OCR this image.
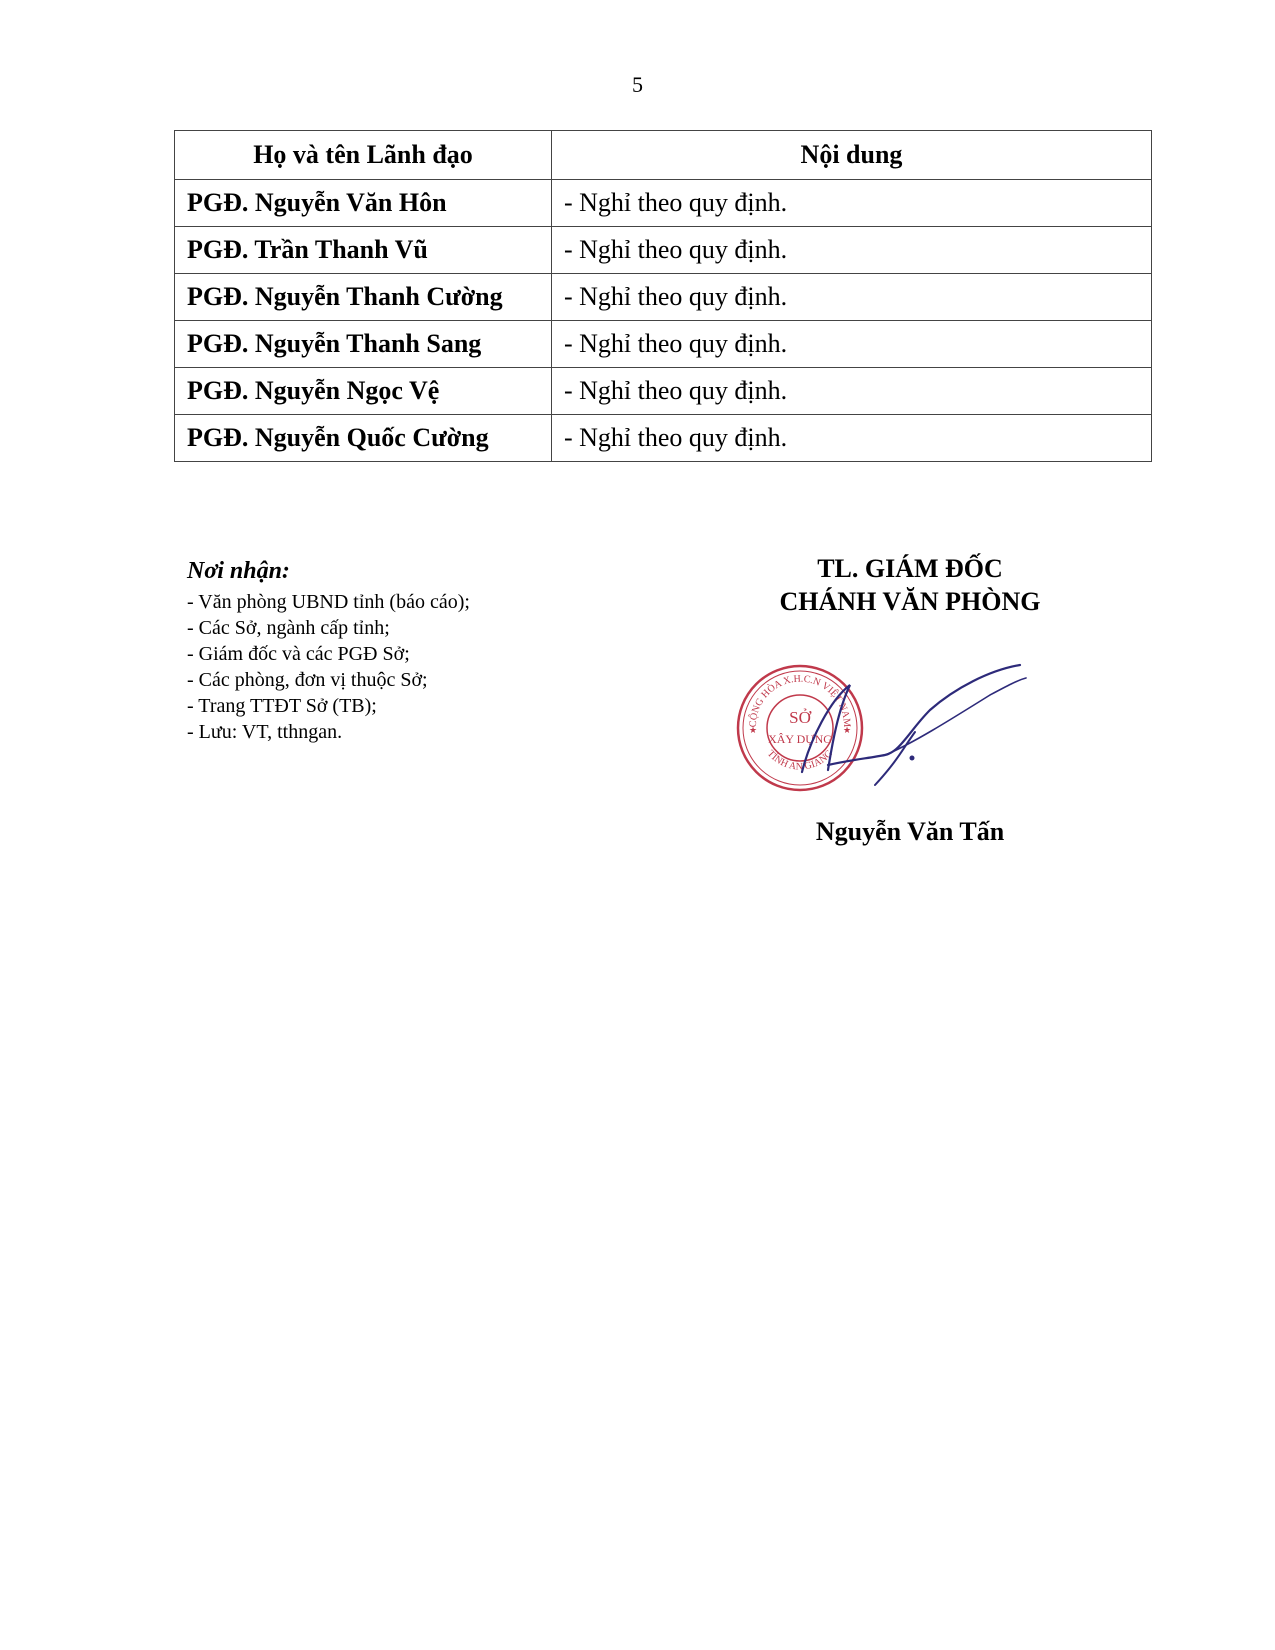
5
Họ và tên Lãnh đạo	Nội dung
PGĐ. Nguyễn Văn Hôn	- Nghỉ theo quy định.
PGĐ. Trần Thanh Vũ	- Nghỉ theo quy định.
PGĐ. Nguyễn Thanh Cường	- Nghỉ theo quy định.
PGĐ. Nguyễn Thanh Sang	- Nghỉ theo quy định.
PGĐ. Nguyễn Ngọc Vệ	- Nghỉ theo quy định.
PGĐ. Nguyễn Quốc Cường	- Nghỉ theo quy định.
Nơi nhận:
- Văn phòng UBND tỉnh (báo cáo);
- Các Sở, ngành cấp tỉnh;
- Giám đốc và các PGĐ Sở;
- Các phòng, đơn vị thuộc Sở;
- Trang TTĐT Sở (TB);
- Lưu: VT, tthngan.
TL. GIÁM ĐỐC
CHÁNH VĂN PHÒNG
Nguyễn Văn Tấn
CỘNG HÒA X.H.C.N VIỆT NAM
TỈNH AN GIANG
SỞ
XÂY DỰNG
★	★
